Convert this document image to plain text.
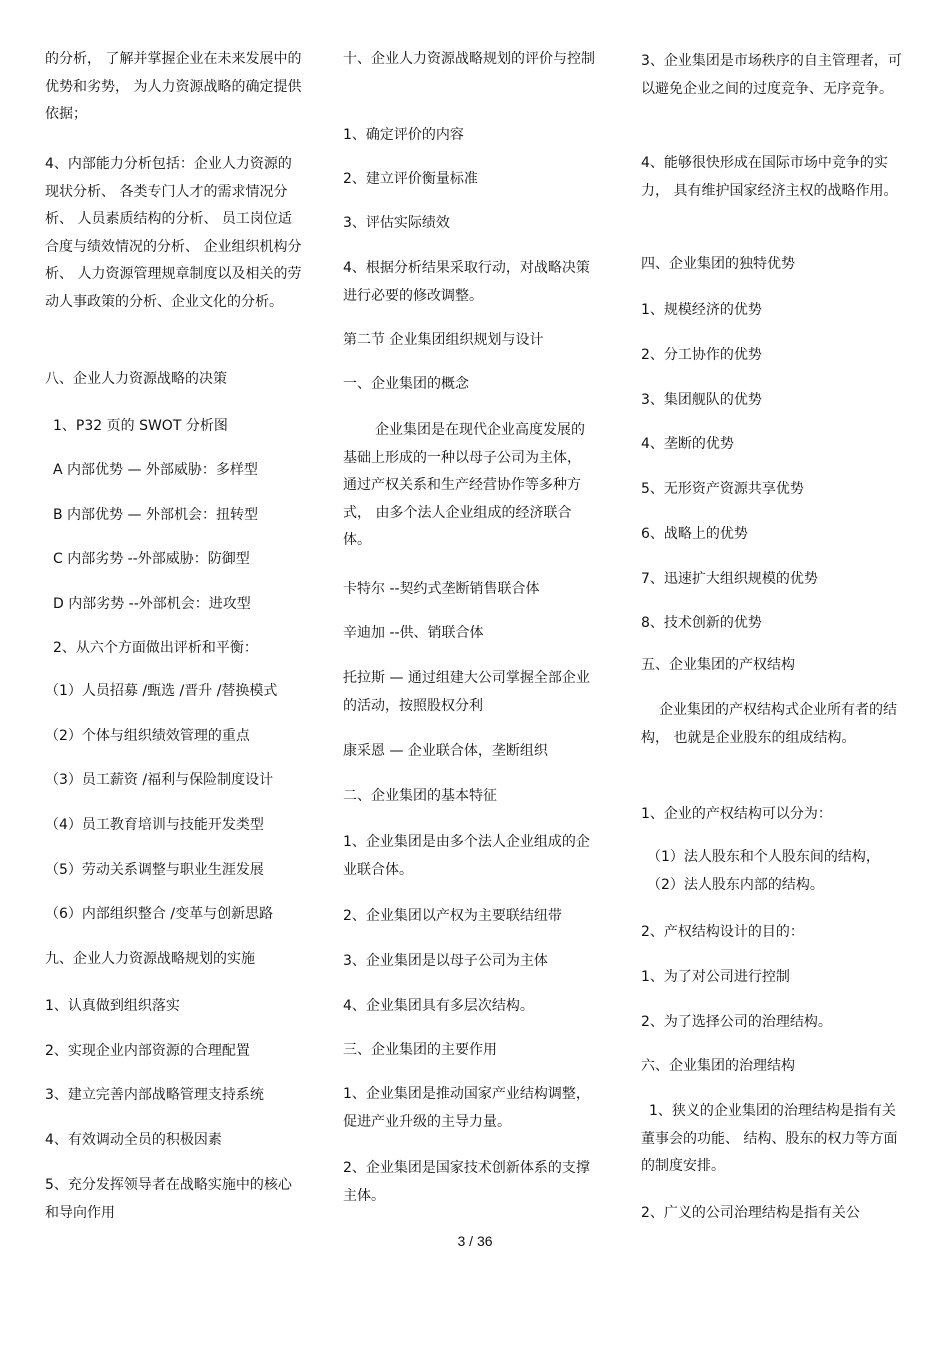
的分析， 了解并掌握企业在未来发展中的优势和劣势， 为人力资源战略的确定提供依据；

4、内部能力分析包括：企业人力资源的现状分析、 各类专门人才的需求情况分析、 人员素质结构的分析、 员工岗位适合度与绩效情况的分析、 企业组织机构分析、 人力资源管理规章制度以及相关的劳动人事政策的分析、企业文化的分析。

八、企业人力资源战略的决策

1、P32 页的 SWOT 分析图

A 内部优势 — 外部威胁：多样型

B 内部优势 — 外部机会：扭转型

C 内部劣势 --外部威胁：防御型

D 内部劣势 --外部机会：进攻型

2、从六个方面做出评析和平衡：

（1）人员招募 /甄选 /晋升 /替换模式

（2）个体与组织绩效管理的重点

（3）员工薪资 /福利与保险制度设计

（4）员工教育培训与技能开发类型

（5）劳动关系调整与职业生涯发展

（6）内部组织整合 /变革与创新思路

九、企业人力资源战略规划的实施

1、认真做到组织落实

2、实现企业内部资源的合理配置

3、建立完善内部战略管理支持系统

4、有效调动全员的积极因素

5、充分发挥领导者在战略实施中的核心和导向作用

十、企业人力资源战略规划的评价与控制

1、确定评价的内容

2、建立评价衡量标准

3、评估实际绩效

4、根据分析结果采取行动，对战略决策进行必要的修改调整。

第二节 企业集团组织规划与设计

一、企业集团的概念

企业集团是在现代企业高度发展的基础上形成的一种以母子公司为主体， 通过产权关系和生产经营协作等多种方式， 由多个法人企业组成的经济联合体。

卡特尔 --契约式垄断销售联合体

辛迪加 --供、销联合体

托拉斯 — 通过组建大公司掌握全部企业的活动，按照股权分利

康采恩 — 企业联合体，垄断组织

二、企业集团的基本特征

1、企业集团是由多个法人企业组成的企业联合体。

2、企业集团以产权为主要联结纽带

3、企业集团是以母子公司为主体

4、企业集团具有多层次结构。

三、企业集团的主要作用

1、企业集团是推动国家产业结构调整，促进产业升级的主导力量。

2、企业集团是国家技术创新体系的支撑主体。

3、企业集团是市场秩序的自主管理者，可以避免企业之间的过度竞争、无序竞争。

4、能够很快形成在国际市场中竞争的实力， 具有维护国家经济主权的战略作用。

四、企业集团的独特优势

1、规模经济的优势

2、分工协作的优势

3、集团舰队的优势

4、垄断的优势

5、无形资产资源共享优势

6、战略上的优势

7、迅速扩大组织规模的优势

8、技术创新的优势

五、企业集团的产权结构

企业集团的产权结构式企业所有者的结构， 也就是企业股东的组成结构。

1、企业的产权结构可以分为：

（1）法人股东和个人股东间的结构，（2）法人股东内部的结构。

2、产权结构设计的目的：

1、为了对公司进行控制

2、为了选择公司的治理结构。

六、企业集团的治理结构

1、狭义的企业集团的治理结构是指有关董事会的功能、 结构、股东的权力等方面的制度安排。

2、广义的公司治理结构是指有关公

3 / 36
